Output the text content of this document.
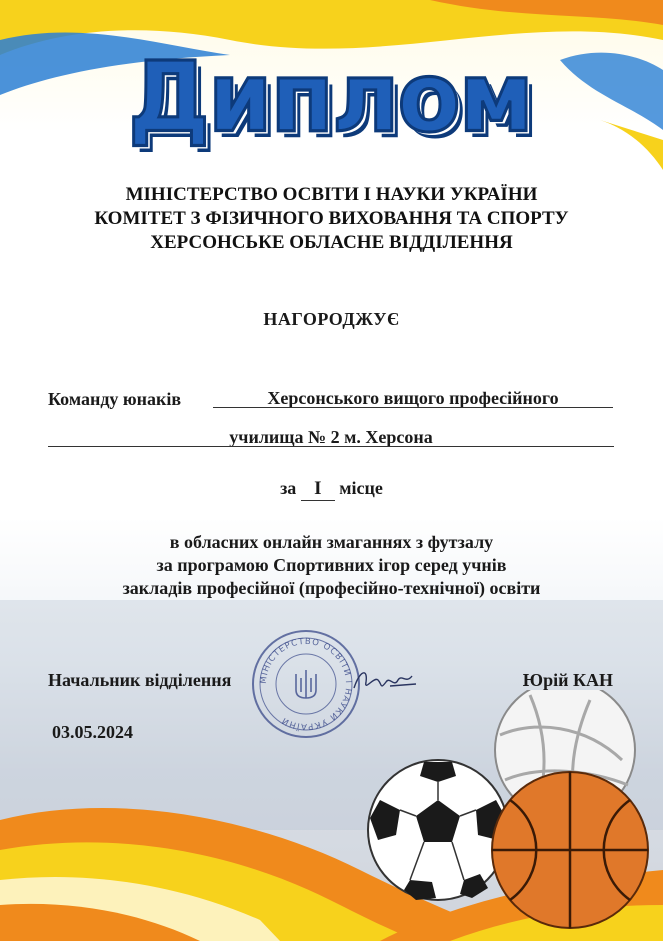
Диплом
МІНІСТЕРСТВО ОСВІТИ І НАУКИ УКРАЇНИ
КОМІТЕТ З ФІЗИЧНОГО ВИХОВАННЯ ТА СПОРТУ
ХЕРСОНСЬКЕ ОБЛАСНЕ ВІДДІЛЕННЯ
НАГОРОДЖУЄ
Команду юнаків	Херсонського вищого професійного
училища № 2 м. Херсона
за I місце
в обласних онлайн змаганнях з футзалу
за програмою Спортивних ігор серед учнів
закладів професійної (професійно-технічної) освіти
Начальник відділення	Юрій КАН
03.05.2024
МІНІСТЕРСТВО ОСВІТИ І НАУКИ УКРАЇНИ
